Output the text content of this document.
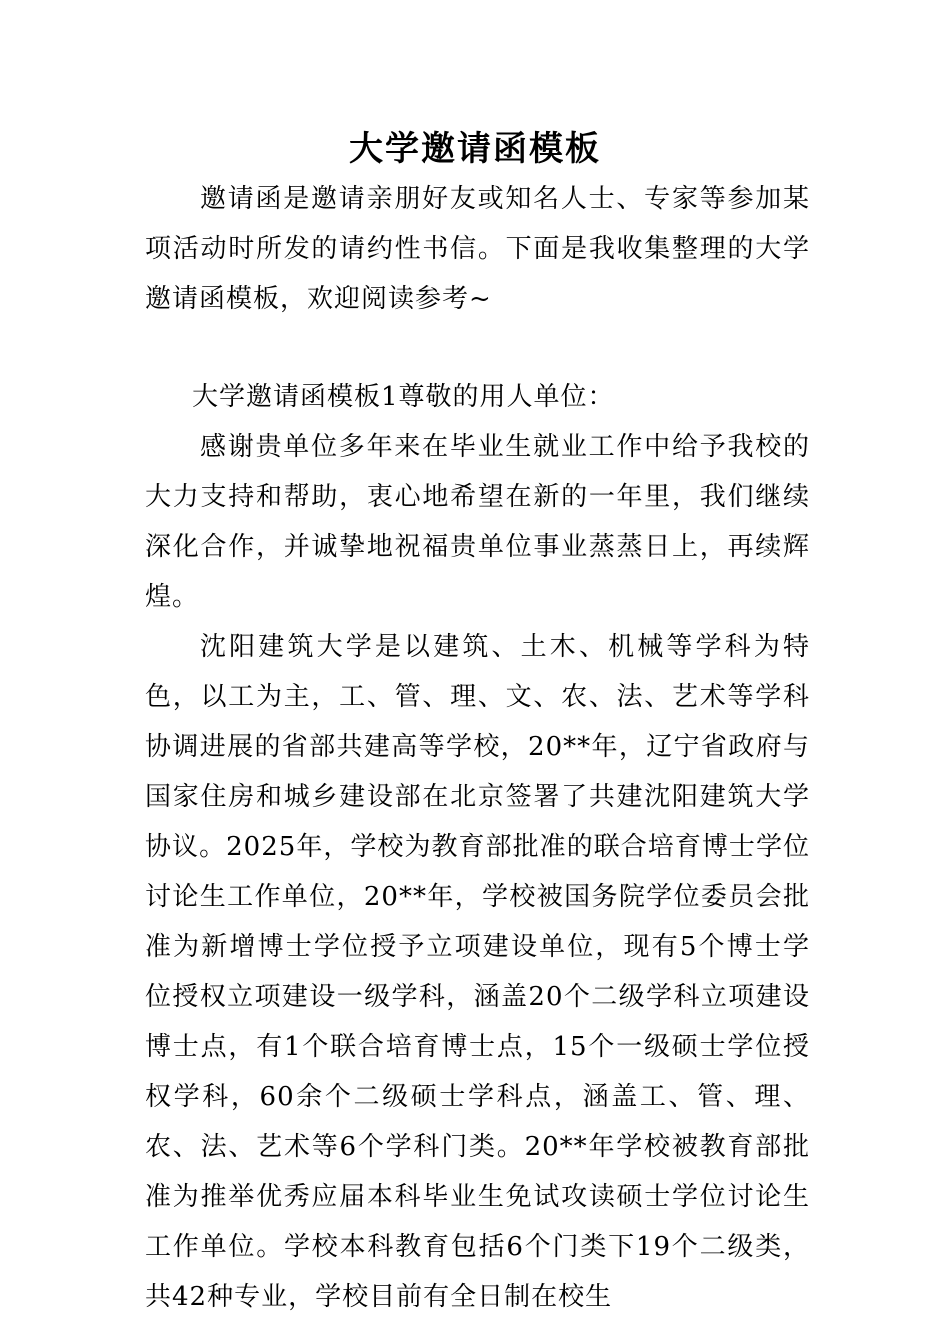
大学邀请函模板

邀请函是邀请亲朋好友或知名人士、专家等参加某项活动时所发的请约性书信。下面是我收集整理的大学邀请函模板，欢迎阅读参考~

大学邀请函模板1尊敬的用人单位：

感谢贵单位多年来在毕业生就业工作中给予我校的大力支持和帮助，衷心地希望在新的一年里，我们继续深化合作，并诚挚地祝福贵单位事业蒸蒸日上，再续辉煌。

沈阳建筑大学是以建筑、土木、机械等学科为特色，以工为主，工、管、理、文、农、法、艺术等学科协调进展的省部共建高等学校，20**年，辽宁省政府与国家住房和城乡建设部在北京签署了共建沈阳建筑大学协议。2025年，学校为教育部批准的联合培育博士学位讨论生工作单位，20**年，学校被国务院学位委员会批准为新增博士学位授予立项建设单位，现有5个博士学位授权立项建设一级学科，涵盖20个二级学科立项建设博士点，有1个联合培育博士点，15个一级硕士学位授权学科，60余个二级硕士学科点，涵盖工、管、理、农、法、艺术等6个学科门类。20**年学校被教育部批准为推举优秀应届本科毕业生免试攻读硕士学位讨论生工作单位。学校本科教育包括6个门类下19个二级类，共42种专业，学校目前有全日制在校生
